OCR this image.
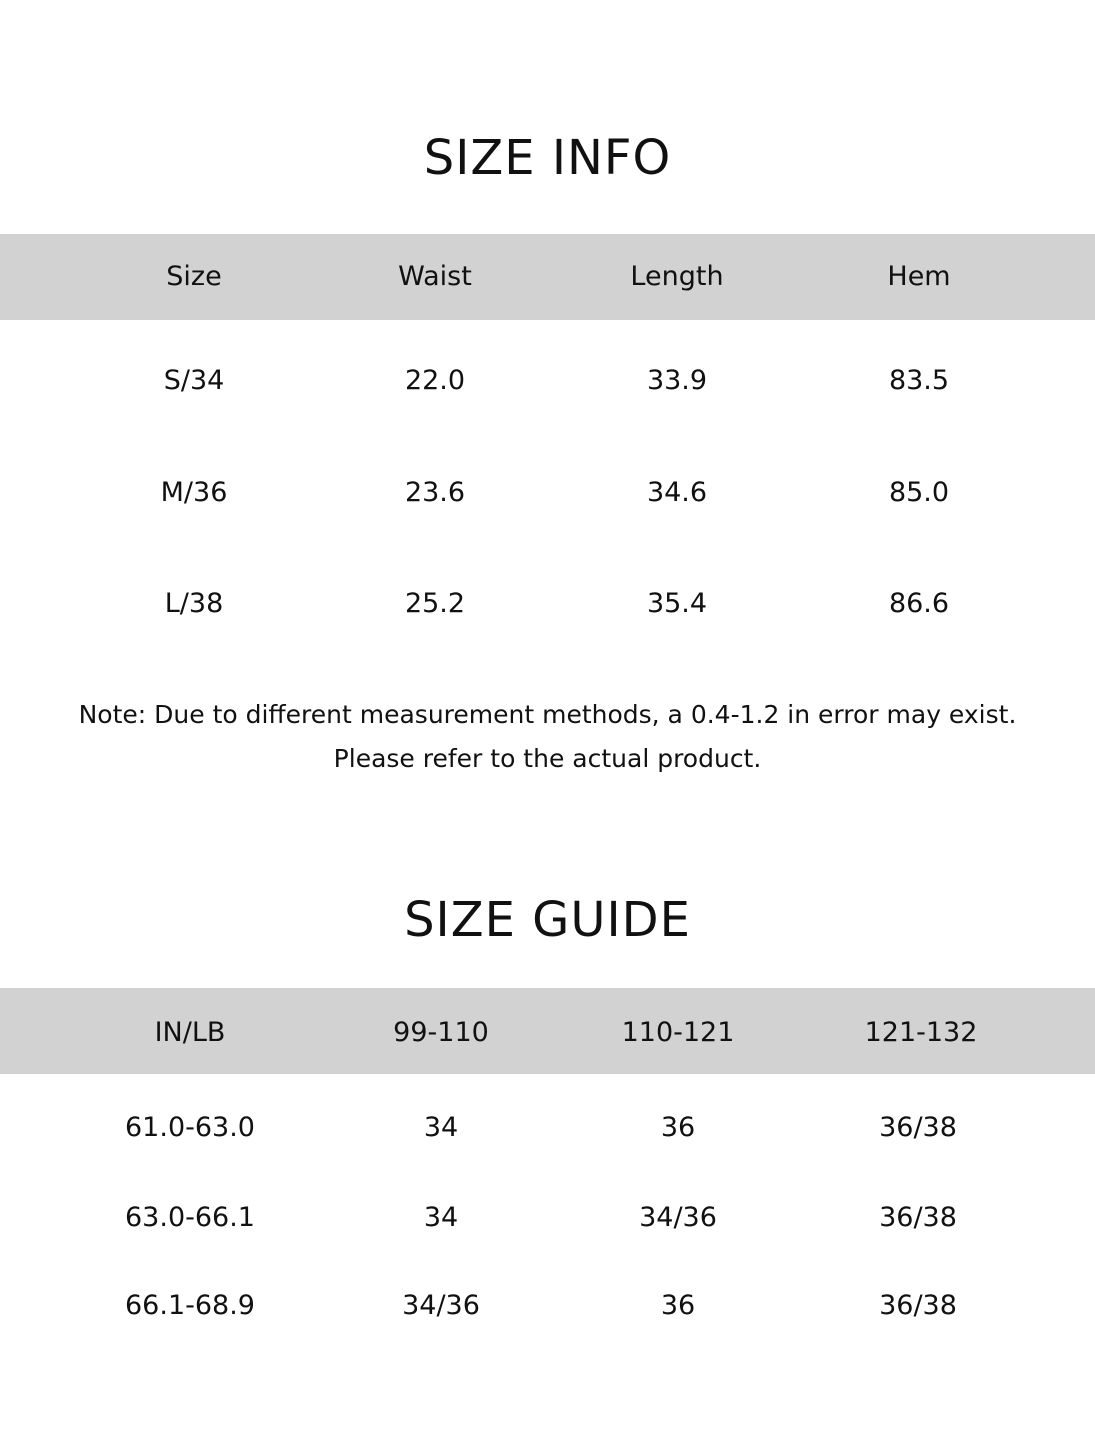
SIZE INFO
Size	Waist	Length	Hem
S/34	22.0	33.9	83.5
M/36	23.6	34.6	85.0
L/38	25.2	35.4	86.6
Note: Due to different measurement methods, a 0.4-1.2 in error may exist.
Please refer to the actual product.
SIZE GUIDE
IN/LB	99-110	110-121	121-132
61.0-63.0	34	36	36/38
63.0-66.1	34	34/36	36/38
66.1-68.9	34/36	36	36/38
